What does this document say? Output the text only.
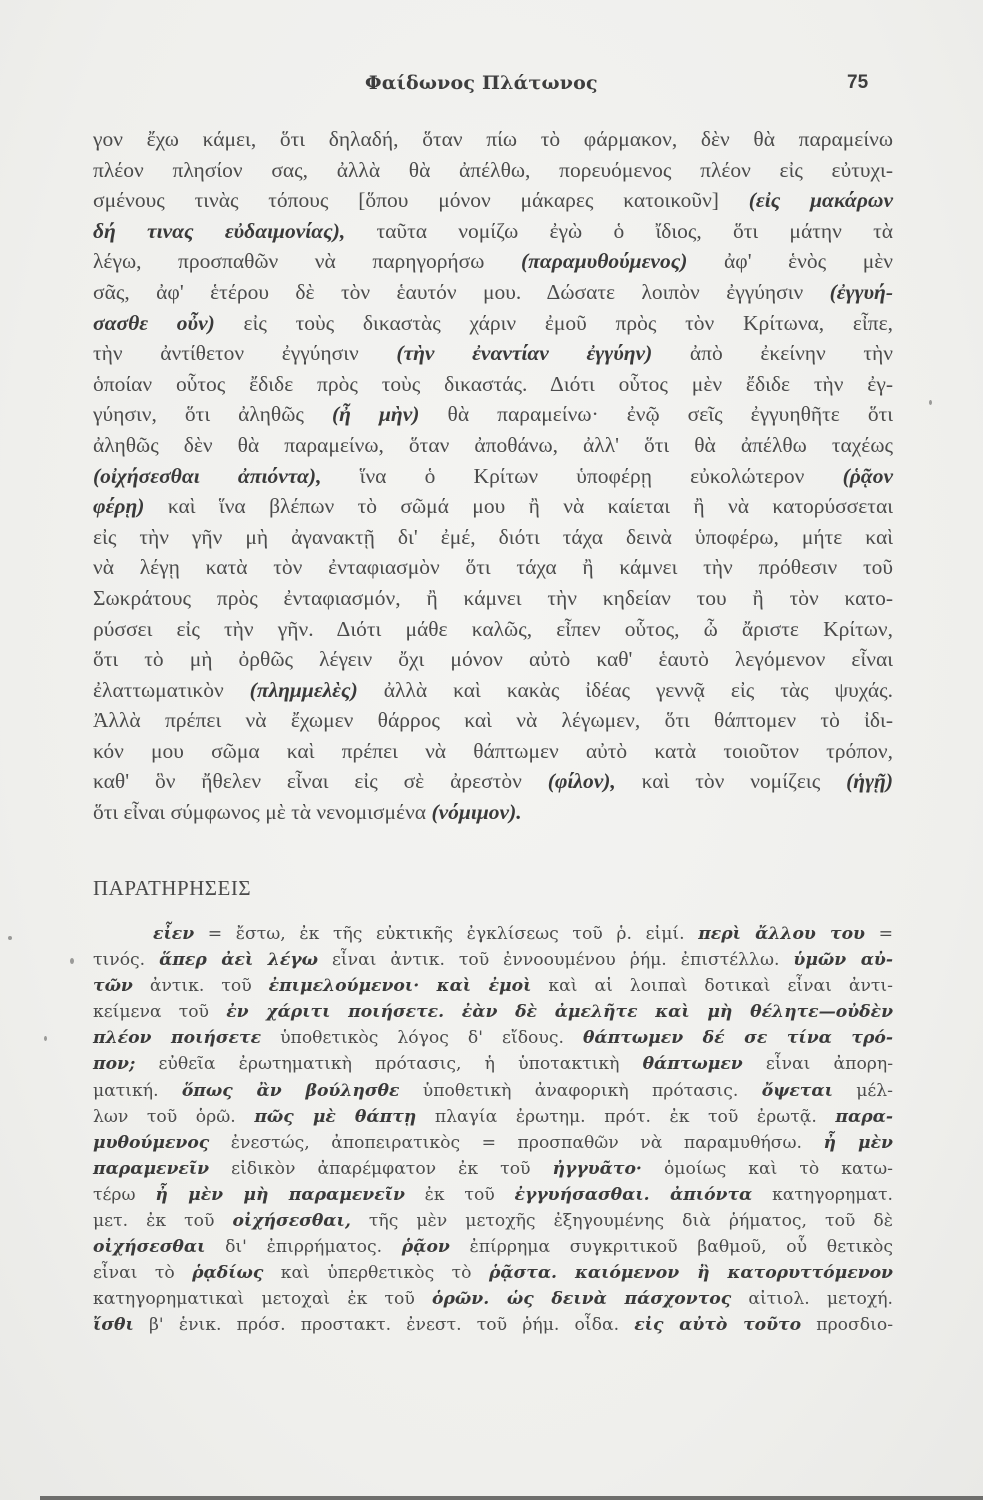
Φαίδωνος Πλάτωνος	75
γον ἔχω κάμει, ὅτι δηλαδή, ὅταν πίω τὸ φάρμακον, δὲν θὰ παραμείνω
πλέον πλησίον σας, ἀλλὰ θὰ ἀπέλθω, πορευόμενος πλέον εἰς εὐτυχι-
σμένους τινὰς τόπους [ὅπου μόνον μάκαρες κατοικοῦν] (εἰς μακάρων
δή τινας εὐδαιμονίας), ταῦτα νομίζω ἐγὼ ὁ ἴδιος, ὅτι μάτην τὰ
λέγω, προσπαθῶν νὰ παρηγορήσω (παραμυθούμενος) ἀφ' ἑνὸς μὲν
σᾶς, ἀφ' ἑτέρου δὲ τὸν ἑαυτόν μου. Δώσατε λοιπὸν ἐγγύησιν (ἐγγυή-
σασθε οὖν) εἰς τοὺς δικαστὰς χάριν ἐμοῦ πρὸς τὸν Κρίτωνα, εἶπε,
τὴν ἀντίθετον ἐγγύησιν (τὴν ἐναντίαν ἐγγύην) ἀπὸ ἐκείνην τὴν
ὁποίαν οὗτος ἔδιδε πρὸς τοὺς δικαστάς. Διότι οὗτος μὲν ἔδιδε τὴν ἐγ-
γύησιν, ὅτι ἀληθῶς (ἦ μὴν) θὰ παραμείνω· ἐνῷ σεῖς ἐγγυηθῆτε ὅτι
ἀληθῶς δὲν θὰ παραμείνω, ὅταν ἀποθάνω, ἀλλ' ὅτι θὰ ἀπέλθω ταχέως
(οἰχήσεσθαι ἀπιόντα), ἵνα ὁ Κρίτων ὑποφέρῃ εὐκολώτερον (ῥᾷον
φέρῃ) καὶ ἵνα βλέπων τὸ σῶμά μου ἢ νὰ καίεται ἢ νὰ κατορύσσεται
εἰς τὴν γῆν μὴ ἀγανακτῇ δι' ἐμέ, διότι τάχα δεινὰ ὑποφέρω, μήτε καὶ
νὰ λέγῃ κατὰ τὸν ἐνταφιασμὸν ὅτι τάχα ἢ κάμνει τὴν πρόθεσιν τοῦ
Σωκράτους πρὸς ἐνταφιασμόν, ἢ κάμνει τὴν κηδείαν του ἢ τὸν κατο-
ρύσσει εἰς τὴν γῆν. Διότι μάθε καλῶς, εἶπεν οὗτος, ὦ ἄριστε Κρίτων,
ὅτι τὸ μὴ ὀρθῶς λέγειν ὄχι μόνον αὐτὸ καθ' ἑαυτὸ λεγόμενον εἶναι
ἐλαττωματικὸν (πλημμελὲς) ἀλλὰ καὶ κακὰς ἰδέας γεννᾷ εἰς τὰς ψυχάς.
Ἀλλὰ πρέπει νὰ ἔχωμεν θάρρος καὶ νὰ λέγωμεν, ὅτι θάπτομεν τὸ ἰδι-
κόν μου σῶμα καὶ πρέπει νὰ θάπτωμεν αὐτὸ κατὰ τοιοῦτον τρόπον,
καθ' ὃν ἤθελεν εἶναι εἰς σὲ ἀρεστὸν (φίλον), καὶ τὸν νομίζεις (ἡγῇ)
ὅτι εἶναι σύμφωνος μὲ τὰ νενομισμένα (νόμιμον).
ΠΑΡΑΤΗΡΗΣΕΙΣ
εἶεν = ἔστω, ἐκ τῆς εὐκτικῆς ἐγκλίσεως τοῦ ῥ. εἰμί. περὶ ἄλλου του =
τινός. ἅπερ ἀεὶ λέγω εἶναι ἀντικ. τοῦ ἐννοουμένου ῥήμ. ἐπιστέλλω. ὑμῶν αὐ-
τῶν ἀντικ. τοῦ ἐπιμελούμενοι· καὶ ἐμοὶ καὶ αἱ λοιπαὶ δοτικαὶ εἶναι ἀντι-
κείμενα τοῦ ἐν χάριτι ποιήσετε. ἐὰν δὲ ἀμελῆτε καὶ μὴ θέλητε—οὐδὲν
πλέον ποιήσετε ὑποθετικὸς λόγος δ' εἴδους. θάπτωμεν δέ σε τίνα τρό-
πον; εὐθεῖα ἐρωτηματικὴ πρότασις, ἡ ὑποτακτικὴ θάπτωμεν εἶναι ἀπορη-
ματική. ὅπως ἂν βούλησθε ὑποθετικὴ ἀναφορικὴ πρότασις. ὄψεται μέλ-
λων τοῦ ὁρῶ. πῶς μὲ θάπτῃ πλαγία ἐρωτημ. πρότ. ἐκ τοῦ ἐρωτᾷ. παρα-
μυθούμενος ἐνεστώς, ἀποπειρατικὸς = προσπαθῶν νὰ παραμυθήσω. ἦ μὲν
παραμενεῖν εἰδικὸν ἀπαρέμφατον ἐκ τοῦ ἠγγυᾶτο· ὁμοίως καὶ τὸ κατω-
τέρω ἦ μὲν μὴ παραμενεῖν ἐκ τοῦ ἐγγυήσασθαι. ἀπιόντα κατηγορηματ.
μετ. ἐκ τοῦ οἰχήσεσθαι, τῆς μὲν μετοχῆς ἐξηγουμένης διὰ ῥήματος, τοῦ δὲ
οἰχήσεσθαι δι' ἐπιρρήματος. ῥᾷον ἐπίρρημα συγκριτικοῦ βαθμοῦ, οὗ θετικὸς
εἶναι τὸ ῥᾳδίως καὶ ὑπερθετικὸς τὸ ῥᾷστα. καιόμενον ἢ κατορυττόμενον
κατηγορηματικαὶ μετοχαὶ ἐκ τοῦ ὁρῶν. ὡς δεινὰ πάσχοντος αἰτιολ. μετοχή.
ἴσθι β' ἑνικ. πρόσ. προστακτ. ἐνεστ. τοῦ ῥήμ. οἶδα. εἰς αὐτὸ τοῦτο προσδιο-
